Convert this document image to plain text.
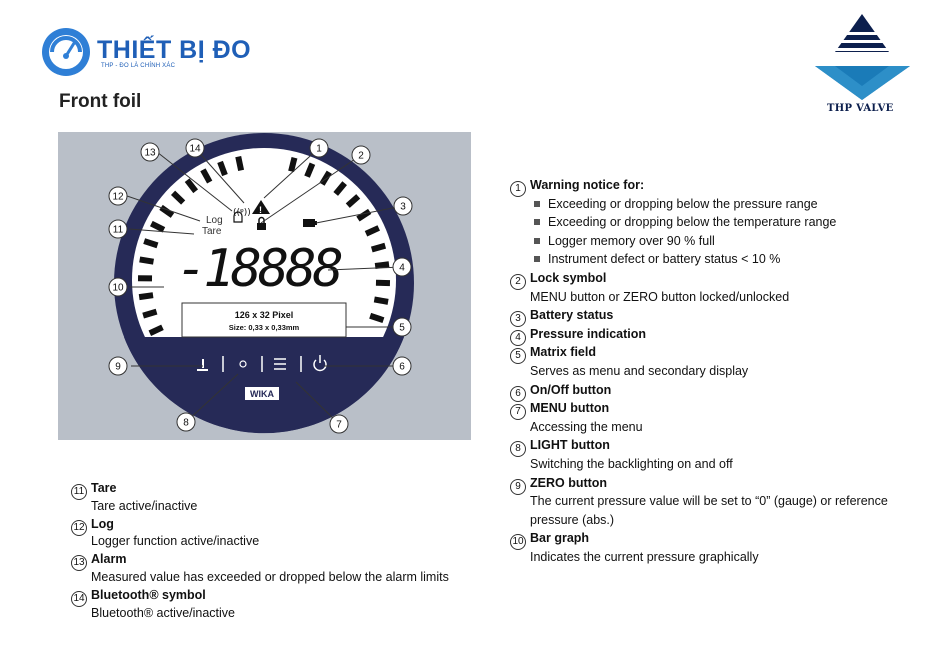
THIẾT BỊ ĐO
THP - ĐO LÀ CHÍNH XÁC
THP VALVE
Front foil
((ᵠ)) !
Log
Tare
-18888
126 x 32 Pixel
Size: 0,33 x 0,33mm
WIKA
1
2
3
4
5
6
7
8
9
10
11
12
13	14
1 Warning notice for:
Exceeding or dropping below the pressure range
Exceeding or dropping below the temperature range
Logger memory over 90 % full
Instrument defect or battery status < 10 %
2 Lock symbol
MENU button or ZERO button locked/unlocked
3 Battery status
4 Pressure indication
5 Matrix field
Serves as menu and secondary display
6 On/Off button
7 MENU button
Accessing the menu
8 LIGHT button
Switching the backlighting on and off
9 ZERO button
The current pressure value will be set to “0” (gauge) or reference
pressure (abs.)
10 Bar graph
Indicates the current pressure graphically
11 Tare
Tare active/inactive
12 Log
Logger function active/inactive
13 Alarm
Measured value has exceeded or dropped below the alarm limits
14 Bluetooth® symbol
Bluetooth® active/inactive
